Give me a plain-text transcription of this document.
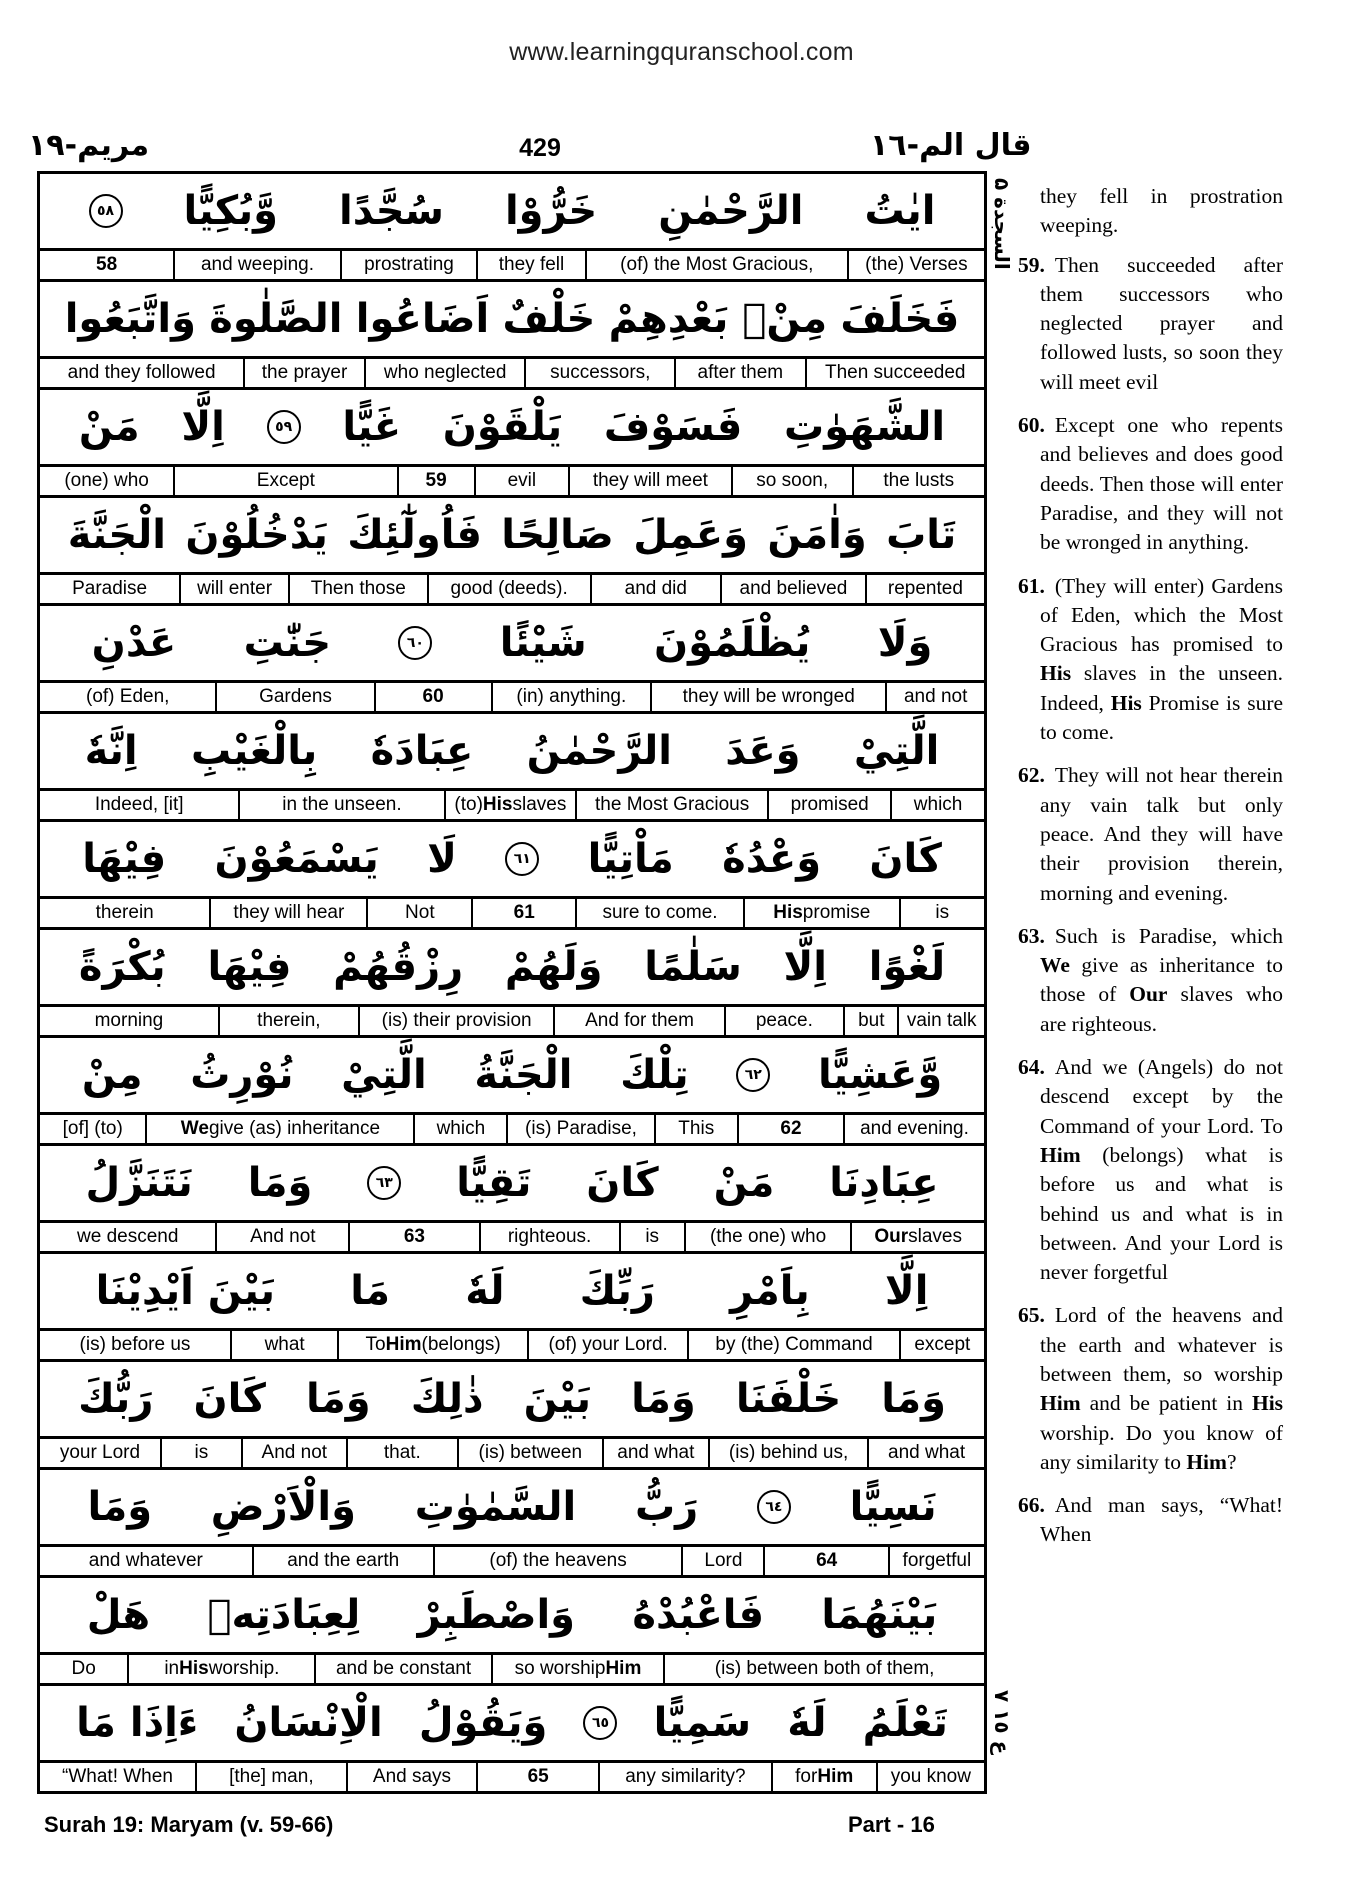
www.learningquranschool.com
مريم-١٩	429	قال الم-١٦
٥٨ وَّبُكِيًّا سُجَّدًا خَرُّوْا الرَّحْمٰنِ ايٰتُ
58	and weeping.	prostrating	they fell	(of) the Most Gracious,	(the) Verses
وَاتَّبَعُوا الصَّلٰوةَ اَضَاعُوا خَلْفٌ مِنْۢ بَعْدِهِمْ فَخَلَفَ
and they followed	the prayer	who neglected	successors,	after them	Then succeeded
مَنْ اِلَّا	٥٩ غَيًّا يَلْقَوْنَ فَسَوْفَ الشَّهَوٰتِ
(one) who	Except	59	evil	they will meet	so soon,	the lusts
الْجَنَّةَ يَدْخُلُوْنَ فَاُولٰٓئِكَ صَالِحًا وَعَمِلَ وَاٰمَنَ تَابَ
Paradise	will enter	Then those	good (deeds).	and did	and believed	repented
عَدْنِ جَنّٰتِ	٦٠ شَيْئًا يُظْلَمُوْنَ وَلَا
(of) Eden,	Gardens	60	(in) anything.	they will be wronged	and not
اِنَّهٗ بِالْغَيْبِ عِبَادَهٗ الرَّحْمٰنُ وَعَدَ الَّتِيْ
Indeed, [it]	in the unseen.	(to) His slaves	the Most Gracious	promised	which
فِيْهَا يَسْمَعُوْنَ لَا	٦١ مَاْتِيًّا وَعْدُهٗ كَانَ
therein	they will hear	Not	61	sure to come.	His promise	is
بُكْرَةً فِيْهَا رِزْقُهُمْ وَلَهُمْ سَلٰمًا اِلَّا لَغْوًا
morning	therein,	(is) their provision	And for them	peace.	but	vain talk
مِنْ نُوْرِثُ الَّتِيْ الْجَنَّةُ تِلْكَ	٦٢ وَّعَشِيًّا
[of] (to)	We give (as) inheritance	which	(is) Paradise,	This	62	and evening.
نَتَنَزَّلُ وَمَا	٦٣ تَقِيًّا كَانَ مَنْ عِبَادِنَا
we descend	And not	63	righteous.	is	(the one) who	Our slaves
بَيْنَ اَيْدِيْنَا مَا لَهٗ رَبِّكَ بِاَمْرِ اِلَّا
(is) before us	what	To Him (belongs)	(of) your Lord.	by (the) Command	except
رَبُّكَ كَانَ وَمَا ذٰلِكَ بَيْنَ وَمَا خَلْفَنَا وَمَا
your Lord	is	And not	that.	(is) between	and what	(is) behind us,	and what
وَمَا وَالْاَرْضِ السَّمٰوٰتِ رَبُّ	٦٤ نَسِيًّا
and whatever	and the earth	(of) the heavens	Lord	64	forgetful
هَلْ لِعِبَادَتِهٖ وَاصْطَبِرْ فَاعْبُدْهُ بَيْنَهُمَا
Do	in His worship.	and be constant	so worship Him	(is) between both of them,
ءَاِذَا مَا الْاِنْسَانُ وَيَقُوْلُ	٦٥ سَمِيًّا لَهٗ تَعْلَمُ
“What! When	[the] man,	And says	65	any similarity?	for Him	you know
السجدة ۵
ع ١٥ ٧

they fell in prostration weeping.

59. Then succeeded after them successors who neglected prayer and followed lusts, so soon they will meet evil

60. Except one who repents and believes and does good deeds. Then those will enter Paradise, and they will not be wronged in anything.

61. (They will enter) Gardens of Eden, which the Most Gracious has promised to His slaves in the unseen. Indeed, His Promise is sure to come.

62. They will not hear therein any vain talk but only peace. And they will have their provision therein, morning and evening.

63. Such is Paradise, which We give as inheritance to those of Our slaves who are righteous.

64. And we (Angels) do not descend except by the Command of your Lord. To Him (belongs) what is before us and what is behind us and what is in between. And your Lord is never forgetful

65. Lord of the heavens and the earth and whatever is between them, so worship Him and be patient in His worship. Do you know of any similarity to Him?

66. And man says, “What! When

Surah 19: Maryam (v. 59-66)	Part - 16
